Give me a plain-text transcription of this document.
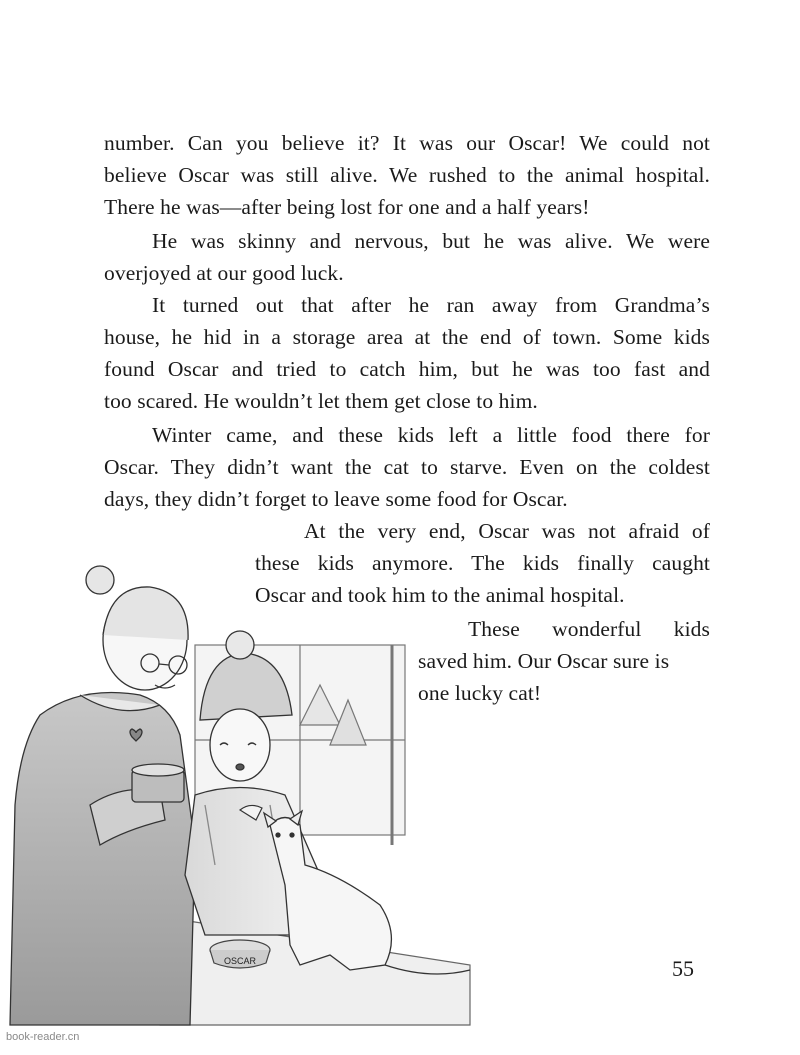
number. Can you believe it? It was our Oscar! We could not
believe Oscar was still alive. We rushed to the animal hospital.
There he was—after being lost for one and a half years!
He was skinny and nervous, but he was alive. We were
overjoyed at our good luck.
It turned out that after he ran away from Grandma’s
house, he hid in a storage area at the end of town. Some kids
found Oscar and tried to catch him, but he was too fast and
too scared. He wouldn’t let them get close to him.
Winter came, and these kids left a little food there for
Oscar. They didn’t want the cat to starve. Even on the coldest
days, they didn’t forget to leave some food for Oscar.
At the very end, Oscar was not afraid of
these kids anymore. The kids finally caught
Oscar and took him to the animal hospital.
These wonderful kids
saved him. Our Oscar sure is
one lucky cat!
OSCAR	55
book-reader.cn
